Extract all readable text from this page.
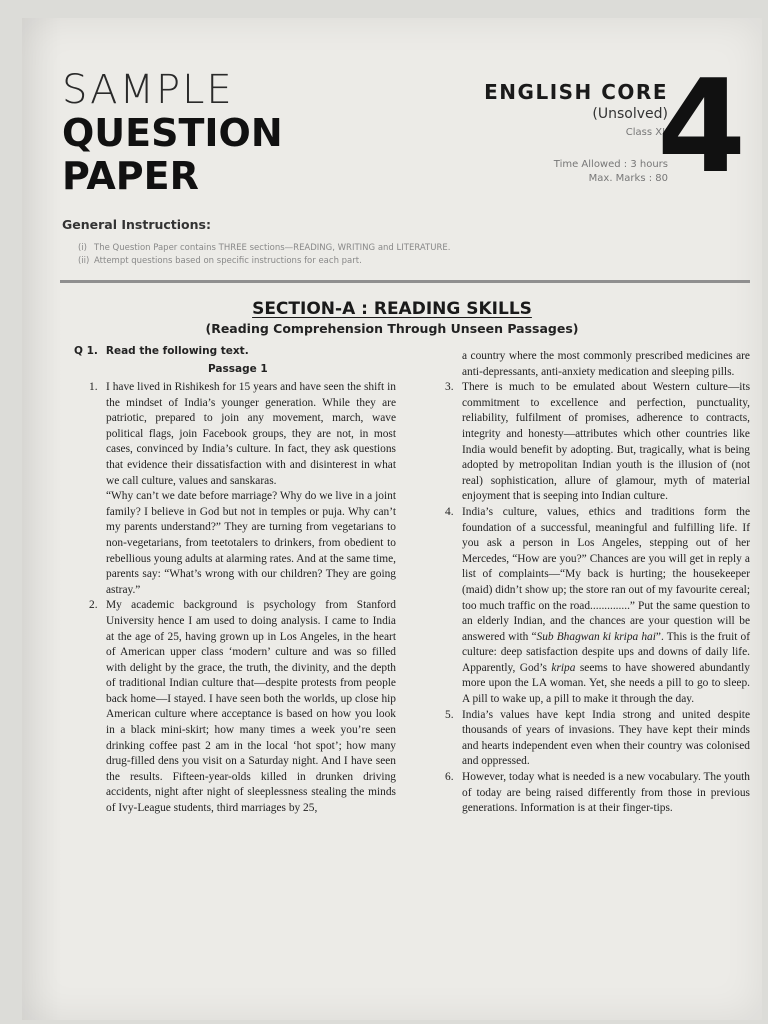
SAMPLE
QUESTION
PAPER
ENGLISH CORE
(Unsolved)
Class XII
Time Allowed : 3 hours
Max. Marks : 80
4
General Instructions:
(i) The Question Paper contains THREE sections—READING, WRITING and LITERATURE.
(ii) Attempt questions based on specific instructions for each part.
SECTION-A : READING SKILLS
(Reading Comprehension Through Unseen Passages)
Q 1. Read the following text.
Passage 1
1. I have lived in Rishikesh for 15 years and have seen the shift in the mindset of India’s younger generation. While they are patriotic, prepared to join any movement, march, wave political flags, join Facebook groups, they are not, in most cases, convinced by India’s culture. In fact, they ask questions that evidence their dissatisfaction with and disinterest in what we call culture, values and sanskaras.

“Why can’t we date before marriage? Why do we live in a joint family? I believe in God but not in temples or puja. Why can’t my parents understand?” They are turning from vegetarians to non-vegetarians, from teetotalers to drinkers, from obedient to rebellious young adults at alarming rates. And at the same time, parents say: “What’s wrong with our children? They are going astray.”

2. My academic background is psychology from Stanford University hence I am used to doing analysis. I came to India at the age of 25, having grown up in Los Angeles, in the heart of American upper class ‘modern’ culture and was so filled with delight by the grace, the truth, the divinity, and the depth of traditional Indian culture that—despite protests from people back home—I stayed. I have seen both the worlds, up close hip American culture where acceptance is based on how you look in a black mini-skirt; how many times a week you’re seen drinking coffee past 2 am in the local ‘hot spot’; how many drug-filled dens you visit on a Saturday night. And I have seen the results. Fifteen-year-olds killed in drunken driving accidents, night after night of sleeplessness stealing the minds of Ivy-League students, third marriages by 25,

a country where the most commonly prescribed medicines are anti-depressants, anti-anxiety medication and sleeping pills.

3. There is much to be emulated about Western culture—its commitment to excellence and perfection, punctuality, reliability, fulfilment of promises, adherence to contracts, integrity and honesty—attributes which other countries like India would benefit by adopting. But, tragically, what is being adopted by metropolitan Indian youth is the illusion of (not real) sophistication, allure of glamour, myth of material enjoyment that is seeping into Indian culture.

4. India’s culture, values, ethics and traditions form the foundation of a successful, meaningful and fulfilling life. If you ask a person in Los Angeles, stepping out of her Mercedes, “How are you?” Chances are you will get in reply a list of complaints—“My back is hurting; the housekeeper (maid) didn’t show up; the store ran out of my favourite cereal; too much traffic on the road..............” Put the same question to an elderly Indian, and the chances are your question will be answered with “Sub Bhagwan ki kripa hai”. This is the fruit of culture: deep satisfaction despite ups and downs of daily life. Apparently, God’s kripa seems to have showered abundantly more upon the LA woman. Yet, she needs a pill to go to sleep. A pill to wake up, a pill to make it through the day.

5. India’s values have kept India strong and united despite thousands of years of invasions. They have kept their minds and hearts independent even when their country was colonised and oppressed.

6. However, today what is needed is a new vocabulary. The youth of today are being raised differently from those in previous generations. Information is at their finger-tips.
